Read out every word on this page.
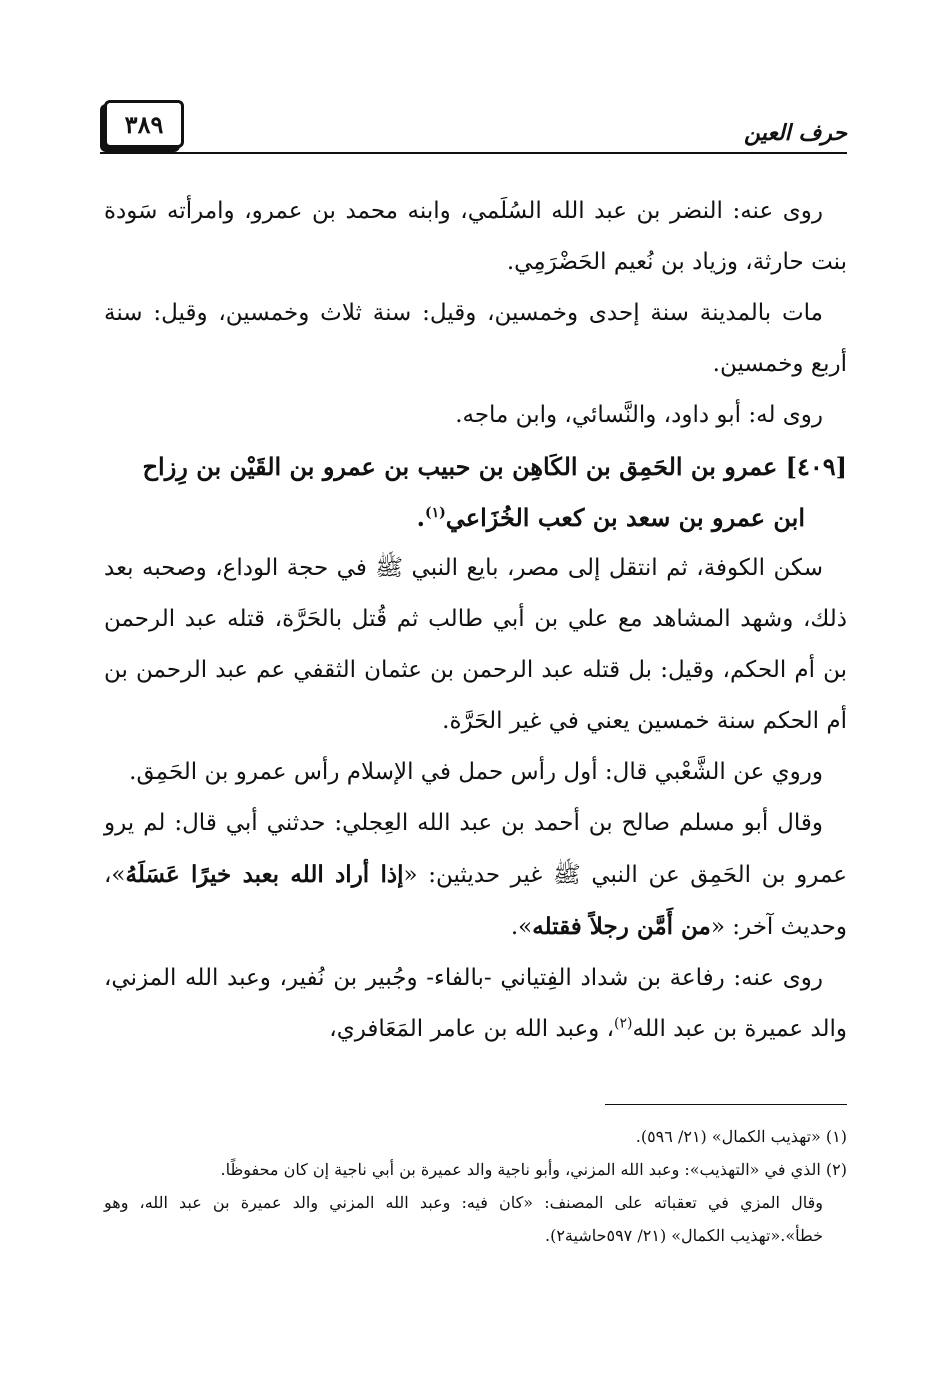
حرف العين
٣٨٩

روى عنه: النضر بن عبد الله السُلَمي، وابنه محمد بن عمرو، وامرأته سَودة بنت حارثة، وزياد بن نُعيم الحَضْرَمِي.

مات بالمدينة سنة إحدى وخمسين، وقيل: سنة ثلاث وخمسين، وقيل: سنة أربع وخمسين.

روى له: أبو داود، والنَّسائي، وابن ماجه.

[٤٠٩] عمرو بن الحَمِق بن الكَاهِن بن حبيب بن عمرو بن القَيْن بن رِزاح
ابن عمرو بن سعد بن كعب الخُزَاعي$^{(١)}$.

سكن الكوفة، ثم انتقل إلى مصر، بايع النبي ﷺ في حجة الوداع، وصحبه بعد ذلك، وشهد المشاهد مع علي بن أبي طالب ثم قُتل بالحَرَّة، قتله عبد الرحمن بن أم الحكم، وقيل: بل قتله عبد الرحمن بن عثمان الثقفي عم عبد الرحمن بن أم الحكم سنة خمسين يعني في غير الحَرَّة.

وروي عن الشَّعْبي قال: أول رأس حمل في الإسلام رأس عمرو بن الحَمِق.

وقال أبو مسلم صالح بن أحمد بن عبد الله العِجلي: حدثني أبي قال: لم يرو عمرو بن الحَمِق عن النبي ﷺ غير حديثين: «إذا أراد الله بعبد خيرًا عَسَلَهُ»، وحديث آخر: «من أَمَّن رجلاً فقتله».

روى عنه: رفاعة بن شداد الفِتياني -بالفاء- وجُبير بن نُفير، وعبد الله المزني، والد عميرة بن عبد الله$^{(٢)}$، وعبد الله بن عامر المَعَافري،

(١) «تهذيب الكمال» (٢١/ ٥٩٦).

(٢) الذي في «التهذيب»: وعبد الله المزني، وأبو ناجية والد عميرة بن أبي ناجية إن كان محفوظًا.

وقال المزي في تعقباته على المصنف: «كان فيه: وعبد الله المزني والد عميرة بن عبد الله، وهو خطأ».«تهذيب الكمال» (٢١/ ٥٩٧حاشية٢).
